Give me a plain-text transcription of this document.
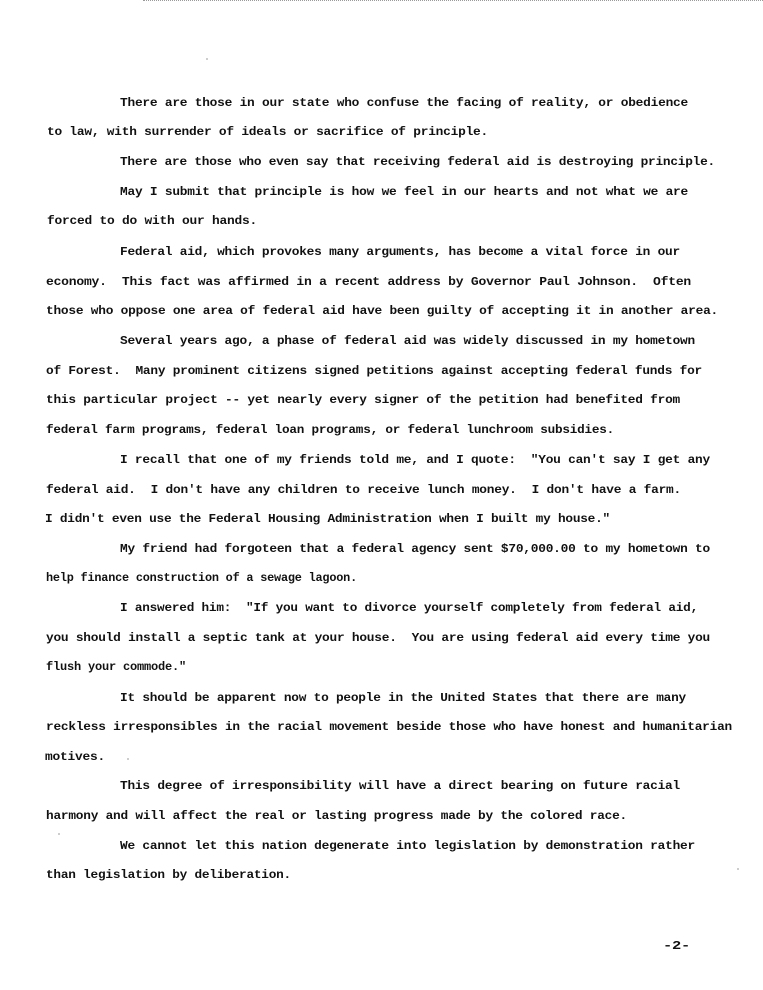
There are those in our state who confuse the facing of reality, or obedience
to law, with surrender of ideals or sacrifice of principle.
There are those who even say that receiving federal aid is destroying principle.
May I submit that principle is how we feel in our hearts and not what we are
forced to do with our hands.
Federal aid, which provokes many arguments, has become a vital force in our
economy.  This fact was affirmed in a recent address by Governor Paul Johnson.  Often
those who oppose one area of federal aid have been guilty of accepting it in another area.
Several years ago, a phase of federal aid was widely discussed in my hometown
of Forest.  Many prominent citizens signed petitions against accepting federal funds for
this particular project -- yet nearly every signer of the petition had benefited from
federal farm programs, federal loan programs, or federal lunchroom subsidies.
I recall that one of my friends told me, and I quote:  "You can't say I get any
federal aid.  I don't have any children to receive lunch money.  I don't have a farm.
I didn't even use the Federal Housing Administration when I built my house."
My friend had forgoteen that a federal agency sent $70,000.00 to my hometown to
help finance construction of a sewage lagoon.
I answered him:  "If you want to divorce yourself completely from federal aid,
you should install a septic tank at your house.  You are using federal aid every time you
flush your commode."
It should be apparent now to people in the United States that there are many
reckless irresponsibles in the racial movement beside those who have honest and humanitarian
motives.
This degree of irresponsibility will have a direct bearing on future racial
harmony and will affect the real or lasting progress made by the colored race.
We cannot let this nation degenerate into legislation by demonstration rather
than legislation by deliberation.
-2-
